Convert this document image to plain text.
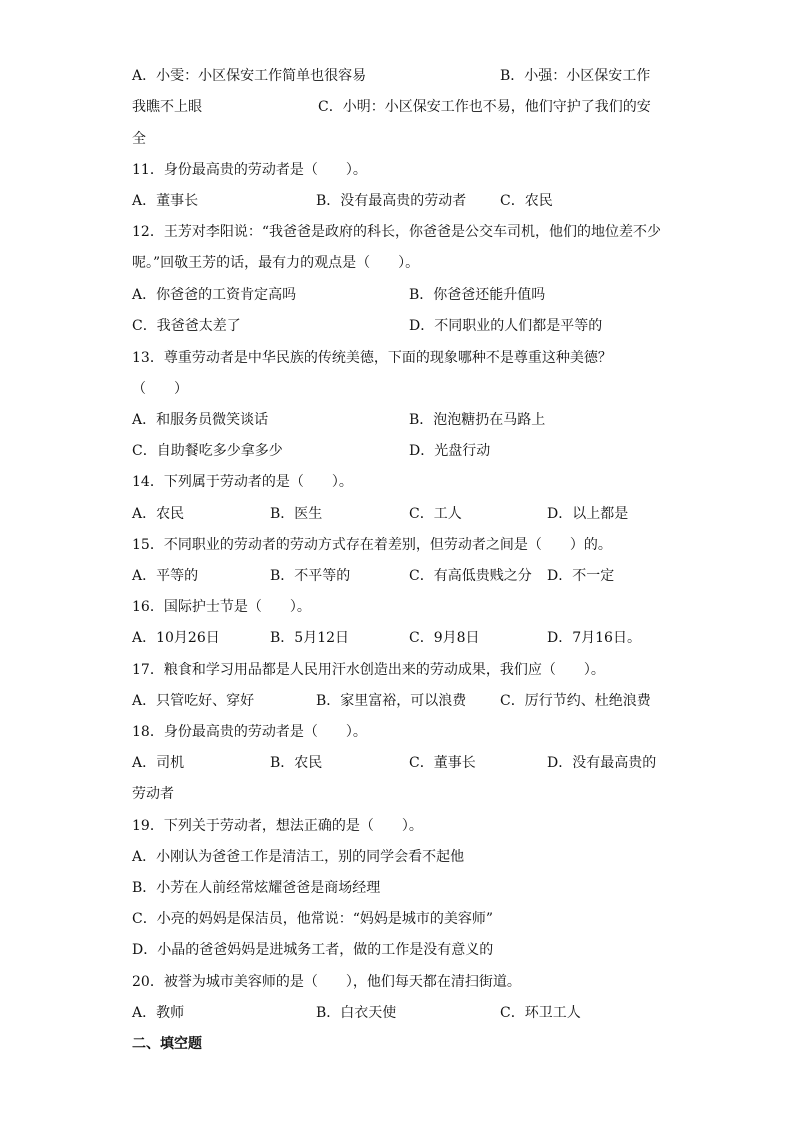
A．小雯：小区保安工作简单也很容易	B．小强：小区保安工作
我瞧不上眼	C．小明：小区保安工作也不易，他们守护了我们的安
全
11．身份最高贵的劳动者是（　　）。
A．董事长	B．没有最高贵的劳动者 C．农民
12．王芳对李阳说：“我爸爸是政府的科长，你爸爸是公交车司机，他们的地位差不少
呢。”回敬王芳的话，最有力的观点是（　　）。
A．你爸爸的工资肯定高吗	B．你爸爸还能升值吗
C．我爸爸太差了	D．不同职业的人们都是平等的
13．尊重劳动者是中华民族的传统美德，下面的现象哪种不是尊重这种美德？
（　　）
A．和服务员微笑谈话	B．泡泡糖扔在马路上
C．自助餐吃多少拿多少	D．光盘行动
14．下列属于劳动者的是（　　）。
A．农民	B．医生	C．工人	D．以上都是
15．不同职业的劳动者的劳动方式存在着差别，但劳动者之间是（　　）的。
A．平等的	B．不平等的	C．有高低贵贱之分 D．不一定
16．国际护士节是（　　）。
A．10月26日	B．5月12日	C．9月8日	D．7月16日。
17．粮食和学习用品都是人民用汗水创造出来的劳动成果，我们应（　　）。
A．只管吃好、穿好	B．家里富裕，可以浪费 C．厉行节约、杜绝浪费
18．身份最高贵的劳动者是（　　）。
A．司机	B．农民	C．董事长	D．没有最高贵的
劳动者
19．下列关于劳动者，想法正确的是（　　）。
A．小刚认为爸爸工作是清洁工，别的同学会看不起他
B．小芳在人前经常炫耀爸爸是商场经理
C．小亮的妈妈是保洁员，他常说：“妈妈是城市的美容师”
D．小晶的爸爸妈妈是进城务工者，做的工作是没有意义的
20．被誉为城市美容师的是（　　），他们每天都在清扫街道。
A．教师	B．白衣天使	C．环卫工人
二、填空题
